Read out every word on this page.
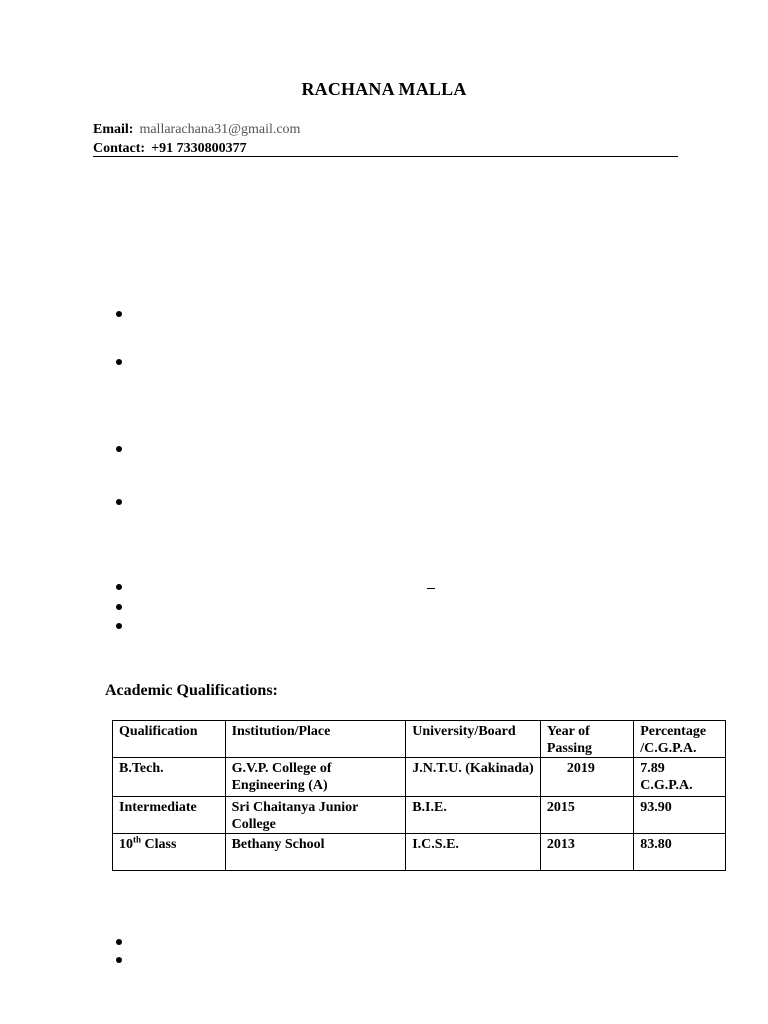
RACHANA MALLA
Email: mallarachana31@gmail.com
Contact: +91 7330800377
Academic Qualifications:
Qualification	Institution/Place	University/Board	Year of Passing	Percentage /C.G.P.A.
B.Tech.	G.V.P. College of Engineering (A)	J.N.T.U. (Kakinada)	2019	7.89 C.G.P.A.
Intermediate	Sri Chaitanya Junior College	B.I.E.	2015	93.90
10th Class	Bethany School	I.C.S.E.	2013	83.80
